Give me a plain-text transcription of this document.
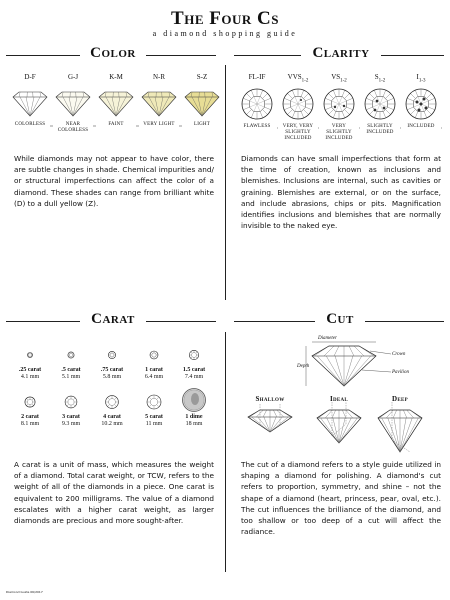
The Four Cs
a diamond shopping guide
Color	Clarity
Carat	Cut
D-F	G-J	K-M	N-R	S-Z
COLORLESS	NEAR COLORLESS
FAINT	VERY LIGHT	LIGHT
While diamonds may not appear to have color, there are subtle changes in shade. Chemical impurities and/ or structural imperfections can affect the color of a diamond. These shades can range from brilliant white (D) to a dull yellow (Z).
FL-IF	$VVS_{1-2}$	$VS_{1-2}$	$S_{1-2}$	$I_{1-3}$
FLAWLESS	VERY, VERY SLIGHTLY INCLUDED
VERY SLIGHTLY INCLUDED
SLIGHTLY INCLUDED
INCLUDED
Diamonds can have small imperfections that form at the time of creation, known as inclusions and blemishes. Inclusions are internal, such as cavities or graining. Blemishes are external, or on the surface, and include abrasions, chips or pits. Magnification identifies inclusions and blemishes that are normally invisible to the naked eye.
.25 carat
4.1 mm
.5 carat
5.1 mm
.75 carat
5.8 mm
1 carat
6.4 mm
1.5 carat
7.4 mm
2 carat
8.1 mm
3 carat
9.3 mm
4 carat
10.2 mm
5 carat
11 mm
1 dime
18 mm
A carat is a unit of mass, which measures the weight of a diamond. Total carat weight, or TCW, refers to the weight of all of the diamonds in a piece. One carat is equivalent to 200 milligrams. The value of a diamond escalates with a higher carat weight, as larger diamonds are precious and more sought-after.
Diameter
Crown
Depth
Pavilion
Shallow	Ideal	Deep
The cut of a diamond refers to a style guide utilized in shaping a diamond for polishing. A diamond's cut refers to proportion, symmetry, and shine – not the shape of a diamond (heart, princess, pear, oval, etc.). The cut influences the brilliance of the diamond, and too shallow or too deep of a cut will affect the radiance.
Diamond Guide 06/2017
